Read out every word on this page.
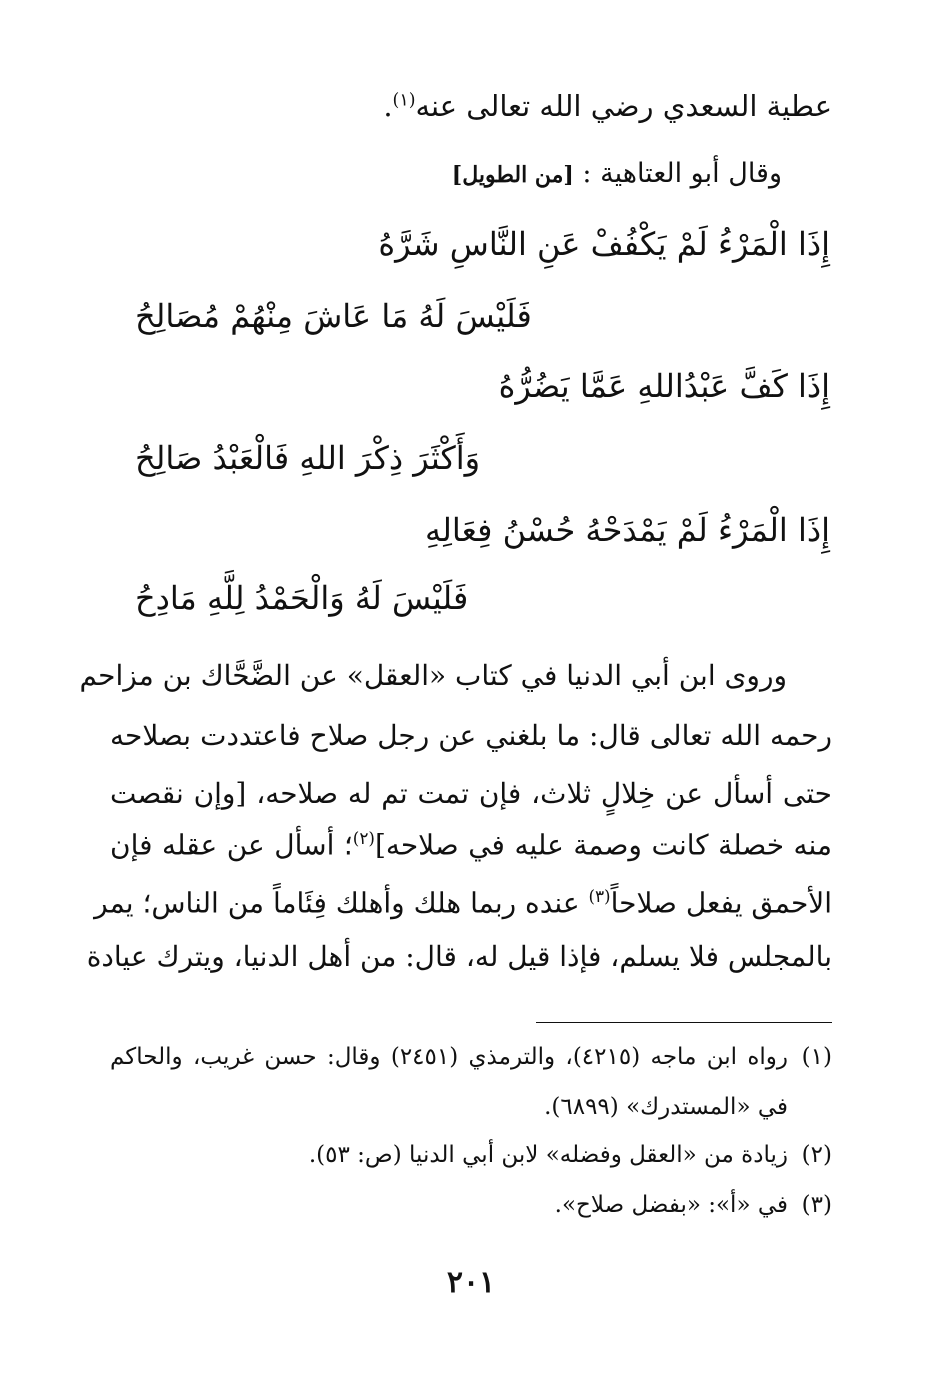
عطية السعدي رضي الله تعالى عنه$^{(١)}$.
وقال أبو العتاهية : [من الطويل]
إِذَا الْمَرْءُ لَمْ يَكْفُفْ عَنِ النَّاسِ شَرَّهُ
فَلَيْسَ لَهُ مَا عَاشَ مِنْهُمْ مُصَالِحُ
إِذَا كَفَّ عَبْدُاللهِ عَمَّا يَضُرُّهُ
وَأَكْثَرَ ذِكْرَ اللهِ فَالْعَبْدُ صَالِحُ
إِذَا الْمَرْءُ لَمْ يَمْدَحْهُ حُسْنُ فِعَالِهِ
فَلَيْسَ لَهُ وَالْحَمْدُ لِلَّهِ مَادِحُ
وروى ابن أبي الدنيا في كتاب «العقل» عن الضَّحَّاك بن مزاحم
رحمه الله تعالى قال: ما بلغني عن رجل صلاح فاعتددت بصلاحه
حتى أسأل عن خِلالٍ ثلاث، فإن تمت تم له صلاحه، [وإن نقصت
منه خصلة كانت وصمة عليه في صلاحه]$^{(٢)}$؛ أسأل عن عقله فإن
الأحمق يفعل صلاحاً$^{(٣)}$ عنده ربما هلك وأهلك فِئَاماً من الناس؛ يمر
بالمجلس فلا يسلم، فإذا قيل له، قال: من أهل الدنيا، ويترك عيادة
(١)رواه ابن ماجه (٤٢١٥)، والترمذي (٢٤٥١) وقال: حسن غريب، والحاكم
في «المستدرك» (٦٨٩٩).
(٢)زيادة من «العقل وفضله» لابن أبي الدنيا (ص: ٥٣).
(٣)في «أ»: «بفضل صلاح».
٢٠١
